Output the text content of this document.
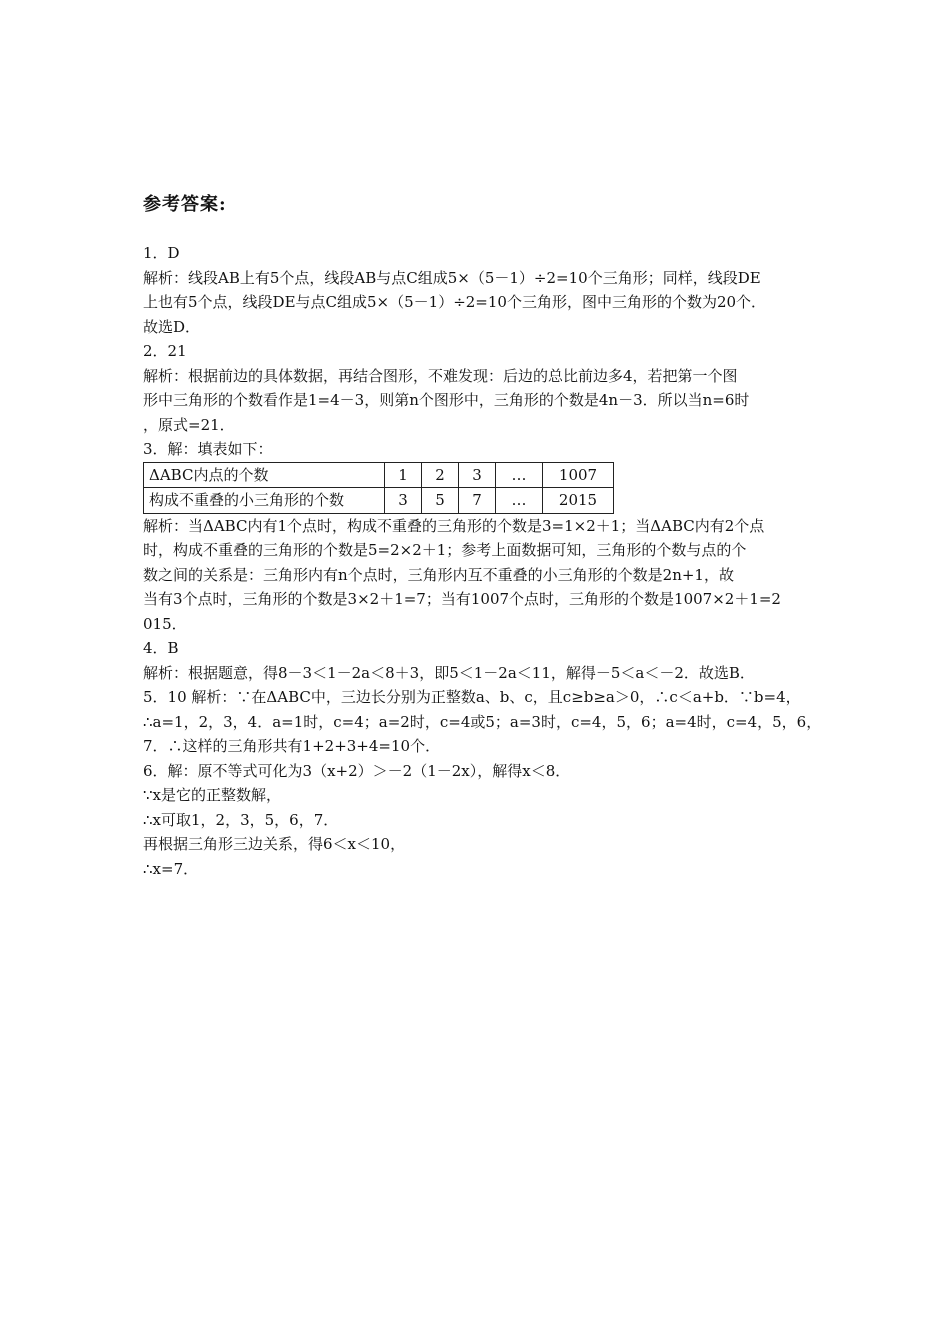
参考答案:
1．D
解析：线段AB上有5个点，线段AB与点C组成5×（5－1）÷2=10个三角形；同样，线段DE
上也有5个点，线段DE与点C组成5×（5－1）÷2=10个三角形，图中三角形的个数为20个．
故选D．
2．21
解析：根据前边的具体数据，再结合图形，不难发现：后边的总比前边多4，若把第一个图
形中三角形的个数看作是1=4－3，则第n个图形中，三角形的个数是4n－3．所以当n=6时
，原式=21．
3．解：填表如下：
ΔABC内点的个数	1	2	3	…	1007
构成不重叠的小三角形的个数	3	5	7	…	2015
解析：当ΔABC内有1个点时，构成不重叠的三角形的个数是3=1×2＋1；当ΔABC内有2个点
时，构成不重叠的三角形的个数是5=2×2＋1；参考上面数据可知，三角形的个数与点的个
数之间的关系是：三角形内有n个点时，三角形内互不重叠的小三角形的个数是2n+1，故
当有3个点时，三角形的个数是3×2＋1=7；当有1007个点时，三角形的个数是1007×2＋1=2
015．
4．B
解析：根据题意，得8－3＜1－2a＜8＋3，即5＜1－2a＜11，解得－5＜a＜－2．故选B．
5．10 解析：∵在ΔABC中，三边长分别为正整数a、b、c，且c≥b≥a＞0，∴c＜a+b．∵b=4，
∴a=1，2，3，4．a=1时，c=4；a=2时，c=4或5；a=3时，c=4，5，6；a=4时，c=4，5，6，
7．∴这样的三角形共有1+2+3+4=10个．
6．解：原不等式可化为3（x+2）＞－2（1－2x），解得x＜8．
∵x是它的正整数解，
∴x可取1，2，3，5，6，7．
再根据三角形三边关系，得6＜x＜10，
∴x=7．
